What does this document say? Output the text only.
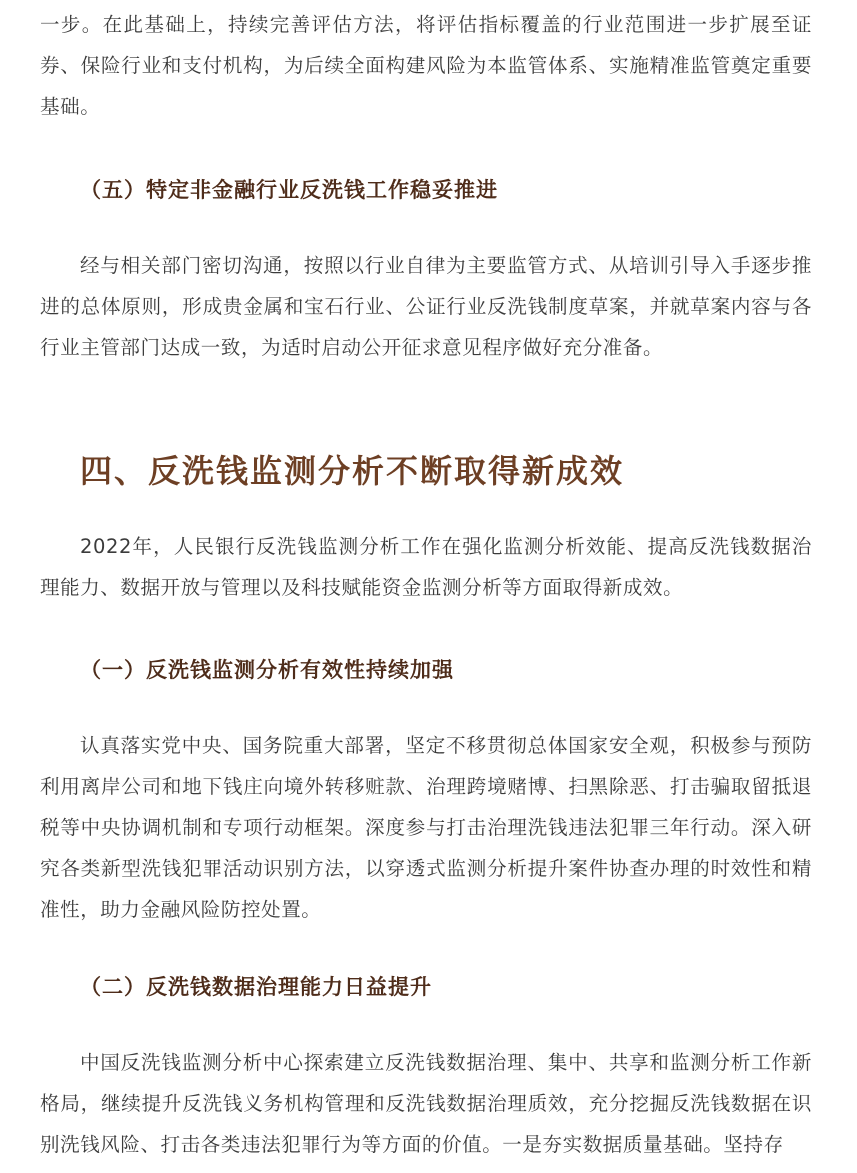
一步。在此基础上，持续完善评估方法，将评估指标覆盖的行业范围进一步扩展至证券、保险行业和支付机构，为后续全面构建风险为本监管体系、实施精准监管奠定重要基础。

（五）特定非金融行业反洗钱工作稳妥推进

经与相关部门密切沟通，按照以行业自律为主要监管方式、从培训引导入手逐步推进的总体原则，形成贵金属和宝石行业、公证行业反洗钱制度草案，并就草案内容与各行业主管部门达成一致，为适时启动公开征求意见程序做好充分准备。

四、反洗钱监测分析不断取得新成效

2022年，人民银行反洗钱监测分析工作在强化监测分析效能、提高反洗钱数据治理能力、数据开放与管理以及科技赋能资金监测分析等方面取得新成效。

（一）反洗钱监测分析有效性持续加强

认真落实党中央、国务院重大部署，坚定不移贯彻总体国家安全观，积极参与预防利用离岸公司和地下钱庄向境外转移赃款、治理跨境赌博、扫黑除恶、打击骗取留抵退税等中央协调机制和专项行动框架。深度参与打击治理洗钱违法犯罪三年行动。深入研究各类新型洗钱犯罪活动识别方法，以穿透式监测分析提升案件协查办理的时效性和精准性，助力金融风险防控处置。

（二）反洗钱数据治理能力日益提升

中国反洗钱监测分析中心探索建立反洗钱数据治理、集中、共享和监测分析工作新格局，继续提升反洗钱义务机构管理和反洗钱数据治理质效，充分挖掘反洗钱数据在识别洗钱风险、打击各类违法犯罪行为等方面的价值。一是夯实数据质量基础。坚持存
